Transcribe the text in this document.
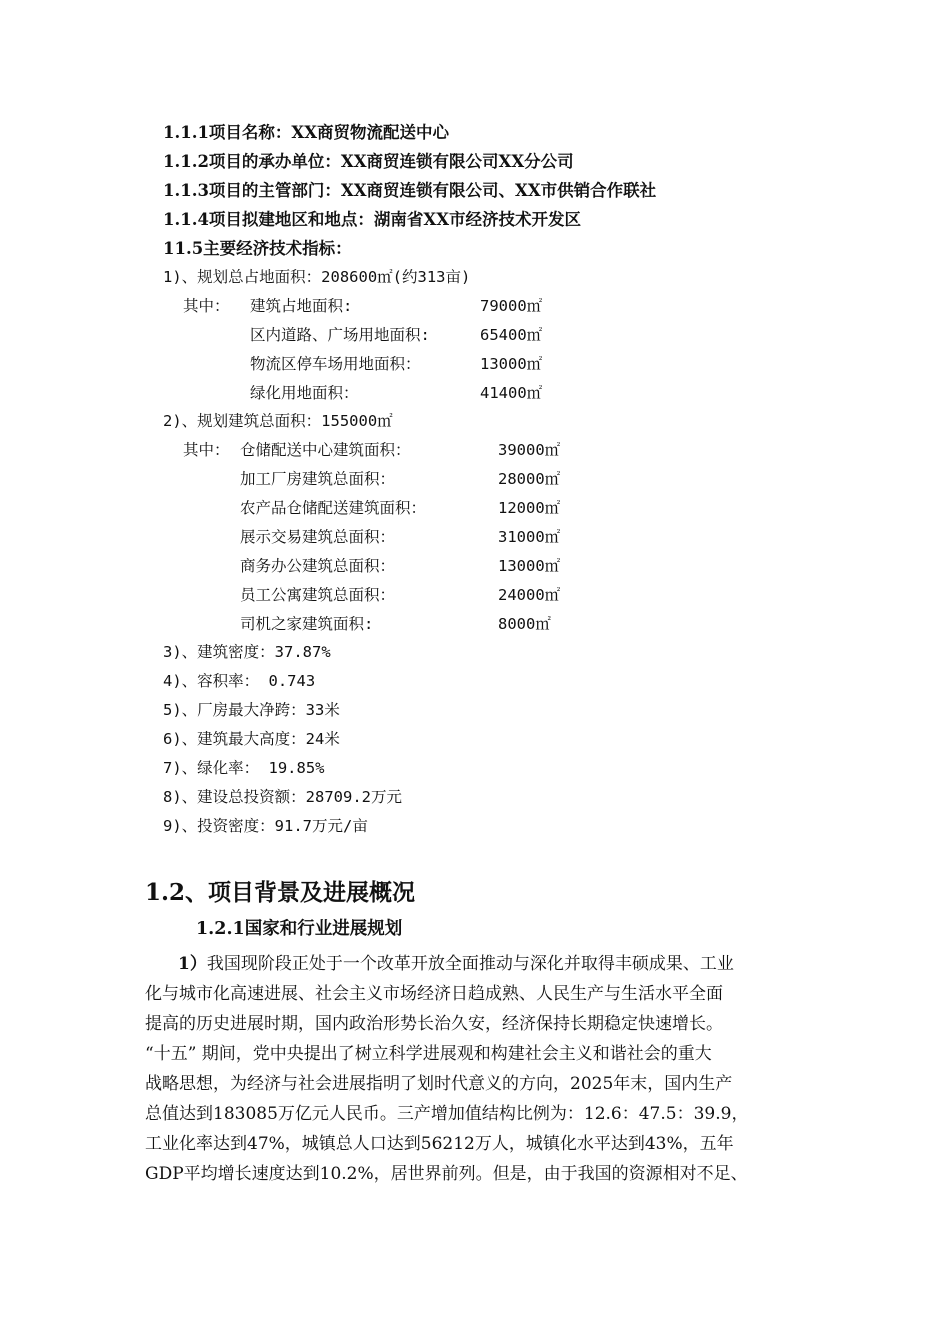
1.1.1项目名称：XX商贸物流配送中心
1.1.2项目的承办单位：XX商贸连锁有限公司XX分公司
1.1.3项目的主管部门：XX商贸连锁有限公司、XX市供销合作联社
1.1.4项目拟建地区和地点：湖南省XX市经济技术开发区
11.5主要经济技术指标：
1)、规划总占地面积：208600㎡(约313亩)
其中： 建筑占地面积:	79000㎡
区内道路、广场用地面积:	65400㎡
物流区停车场用地面积：	13000㎡
绿化用地面积：	41400㎡
2)、规划建筑总面积：155000㎡
其中： 仓储配送中心建筑面积：	39000㎡
加工厂房建筑总面积：	28000㎡
农产品仓储配送建筑面积：	12000㎡
展示交易建筑总面积：	31000㎡
商务办公建筑总面积：	13000㎡
员工公寓建筑总面积：	24000㎡
司机之家建筑面积:	8000㎡
3)、建筑密度：37.87%
4)、容积率： 0.743
5)、厂房最大净跨：33米
6)、建筑最大高度：24米
7)、绿化率： 19.85%
8)、建设总投资额：28709.2万元
9)、投资密度：91.7万元/亩
1.2、项目背景及进展概况
1.2.1国家和行业进展规划
1）我国现阶段正处于一个改革开放全面推动与深化并取得丰硕成果、工业
化与城市化高速进展、社会主义市场经济日趋成熟、人民生产与生活水平全面
提高的历史进展时期，国内政治形势长治久安，经济保持长期稳定快速增长。
“十五” 期间，党中央提出了树立科学进展观和构建社会主义和谐社会的重大
战略思想，为经济与社会进展指明了划时代意义的方向，2025年末，国内生产
总值达到183085万亿元人民币。三产增加值结构比例为：12.6：47.5：39.9，
工业化率达到47%，城镇总人口达到56212万人，城镇化水平达到43%，五年
GDP平均增长速度达到10.2%，居世界前列。但是，由于我国的资源相对不足、
